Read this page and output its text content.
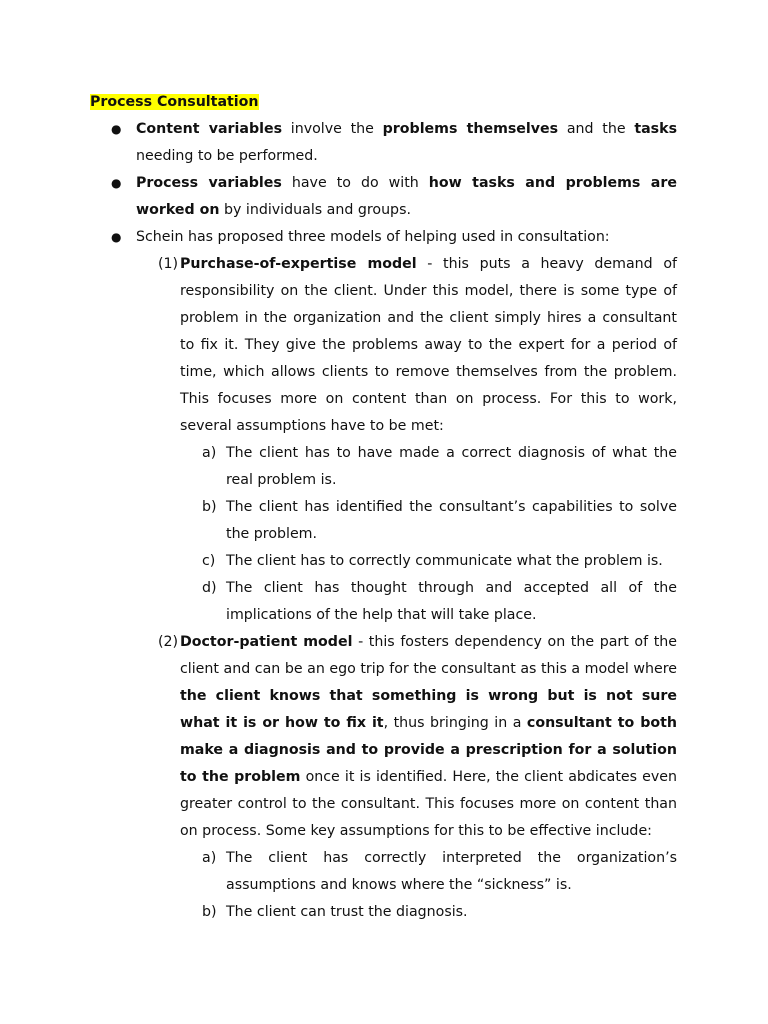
Process Consultation
● Content variables involve the problems themselves and the tasks needing to be performed.
● Process variables have to do with how tasks and problems are worked on by individuals and groups.
● Schein has proposed three models of helping used in consultation:
(1) Purchase-of-expertise model - this puts a heavy demand of responsibility on the client. Under this model, there is some type of problem in the organization and the client simply hires a consultant to fix it. They give the problems away to the expert for a period of time, which allows clients to remove themselves from the problem. This focuses more on content than on process. For this to work, several assumptions have to be met:
a) The client has to have made a correct diagnosis of what the real problem is.
b) The client has identified the consultant’s capabilities to solve the problem.
c) The client has to correctly communicate what the problem is.
d) The client has thought through and accepted all of the implications of the help that will take place.
(2) Doctor-patient model - this fosters dependency on the part of the client and can be an ego trip for the consultant as this a model where the client knows that something is wrong but is not sure what it is or how to fix it, thus bringing in a consultant to both make a diagnosis and to provide a prescription for a solution to the problem once it is identified. Here, the client abdicates even greater control to the consultant. This focuses more on content than on process. Some key assumptions for this to be effective include:
a) The client has correctly interpreted the organization’s assumptions and knows where the “sickness” is.
b) The client can trust the diagnosis.
